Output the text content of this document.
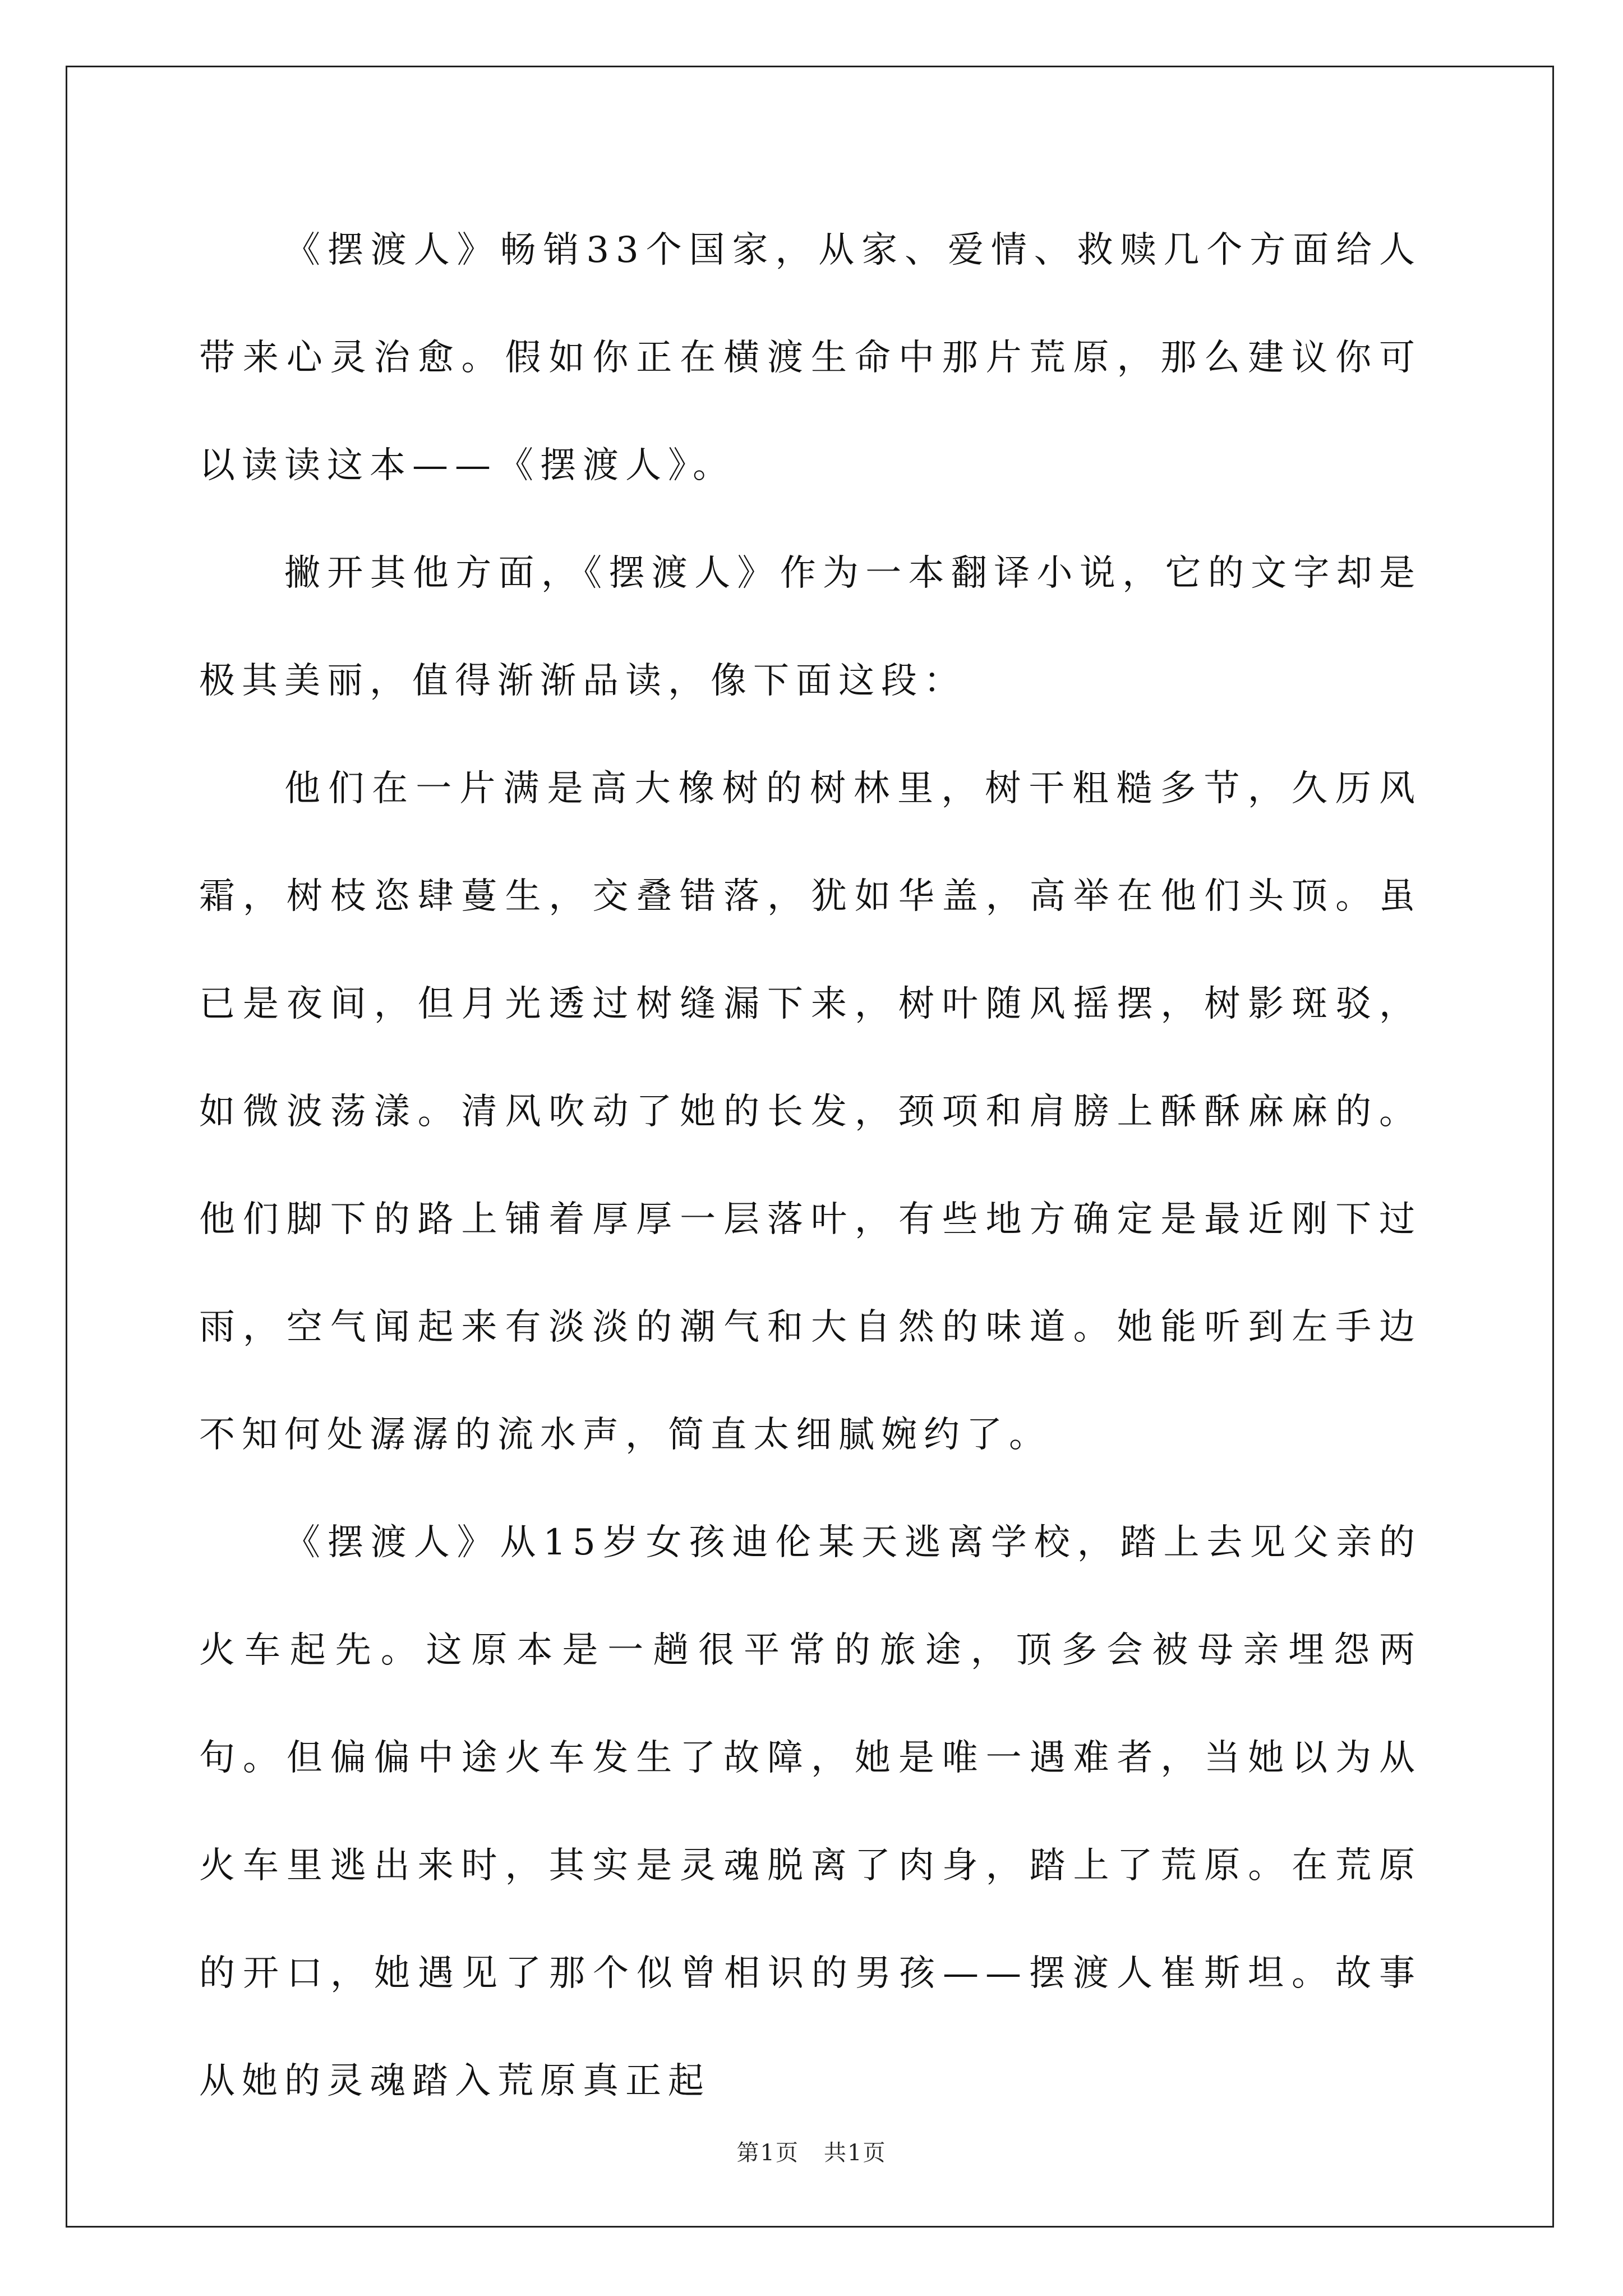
《摆渡人》畅销33个国家，从家、爱情、救赎几个方面给人带来心灵治愈。假如你正在横渡生命中那片荒原，那么建议你可以读读这本——《摆渡人》。

撇开其他方面，《摆渡人》作为一本翻译小说，它的文字却是极其美丽，值得渐渐品读，像下面这段：

他们在一片满是高大橡树的树林里，树干粗糙多节，久历风霜，树枝恣肆蔓生，交叠错落，犹如华盖，高举在他们头顶。虽已是夜间，但月光透过树缝漏下来，树叶随风摇摆，树影斑驳，如微波荡漾。清风吹动了她的长发，颈项和肩膀上酥酥麻麻的。他们脚下的路上铺着厚厚一层落叶，有些地方确定是最近刚下过雨，空气闻起来有淡淡的潮气和大自然的味道。她能听到左手边不知何处潺潺的流水声，简直太细腻婉约了。

《摆渡人》从15岁女孩迪伦某天逃离学校，踏上去见父亲的火车起先。这原本是一趟很平常的旅途，顶多会被母亲埋怨两句。但偏偏中途火车发生了故障，她是唯一遇难者，当她以为从火车里逃出来时，其实是灵魂脱离了肉身，踏上了荒原。在荒原的开口，她遇见了那个似曾相识的男孩——摆渡人崔斯坦。故事从她的灵魂踏入荒原真正起

第1页 共1页
